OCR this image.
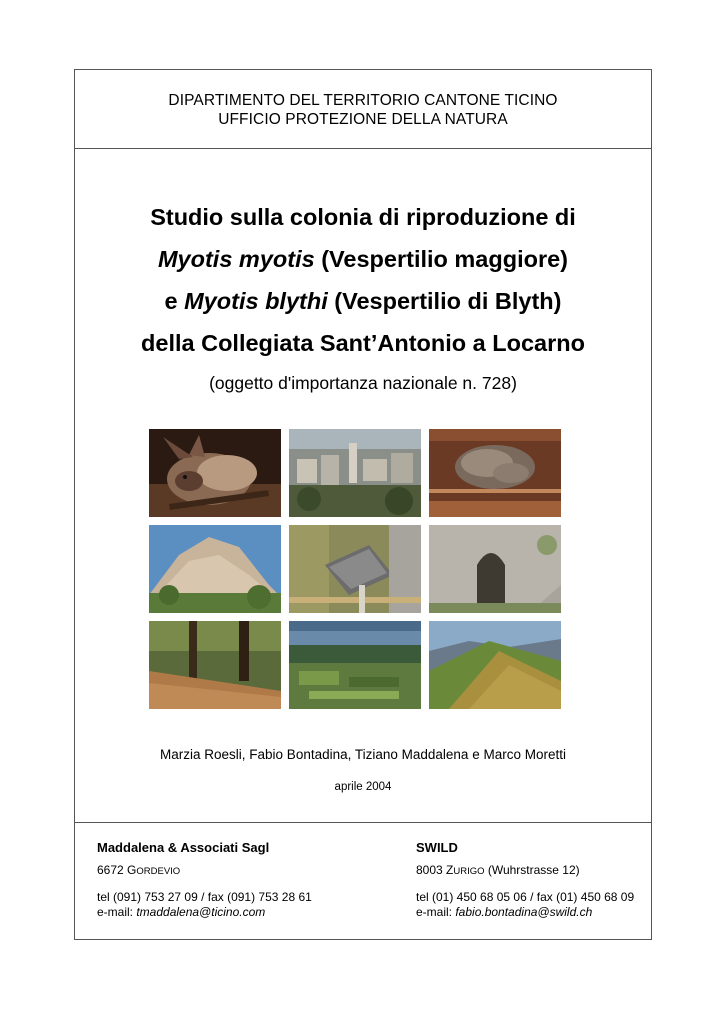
DIPARTIMENTO DEL TERRITORIO CANTONE TICINO
UFFICIO PROTEZIONE DELLA NATURA
Studio sulla colonia di riproduzione di
Myotis myotis (Vespertilio maggiore)
e Myotis blythi (Vespertilio di Blyth)
della Collegiata Sant’Antonio a Locarno
(oggetto d'importanza nazionale n. 728)
Marzia Roesli, Fabio Bontadina, Tiziano Maddalena e Marco Moretti
aprile 2004
Maddalena & Associati Sagl
6672 GORDEVIO
tel (091) 753 27 09 / fax (091) 753 28 61
e-mail: tmaddalena@ticino.com
SWILD
8003 ZURIGO (Wuhrstrasse 12)
tel (01) 450 68 05 06 / fax (01) 450 68 09
e-mail: fabio.bontadina@swild.ch
